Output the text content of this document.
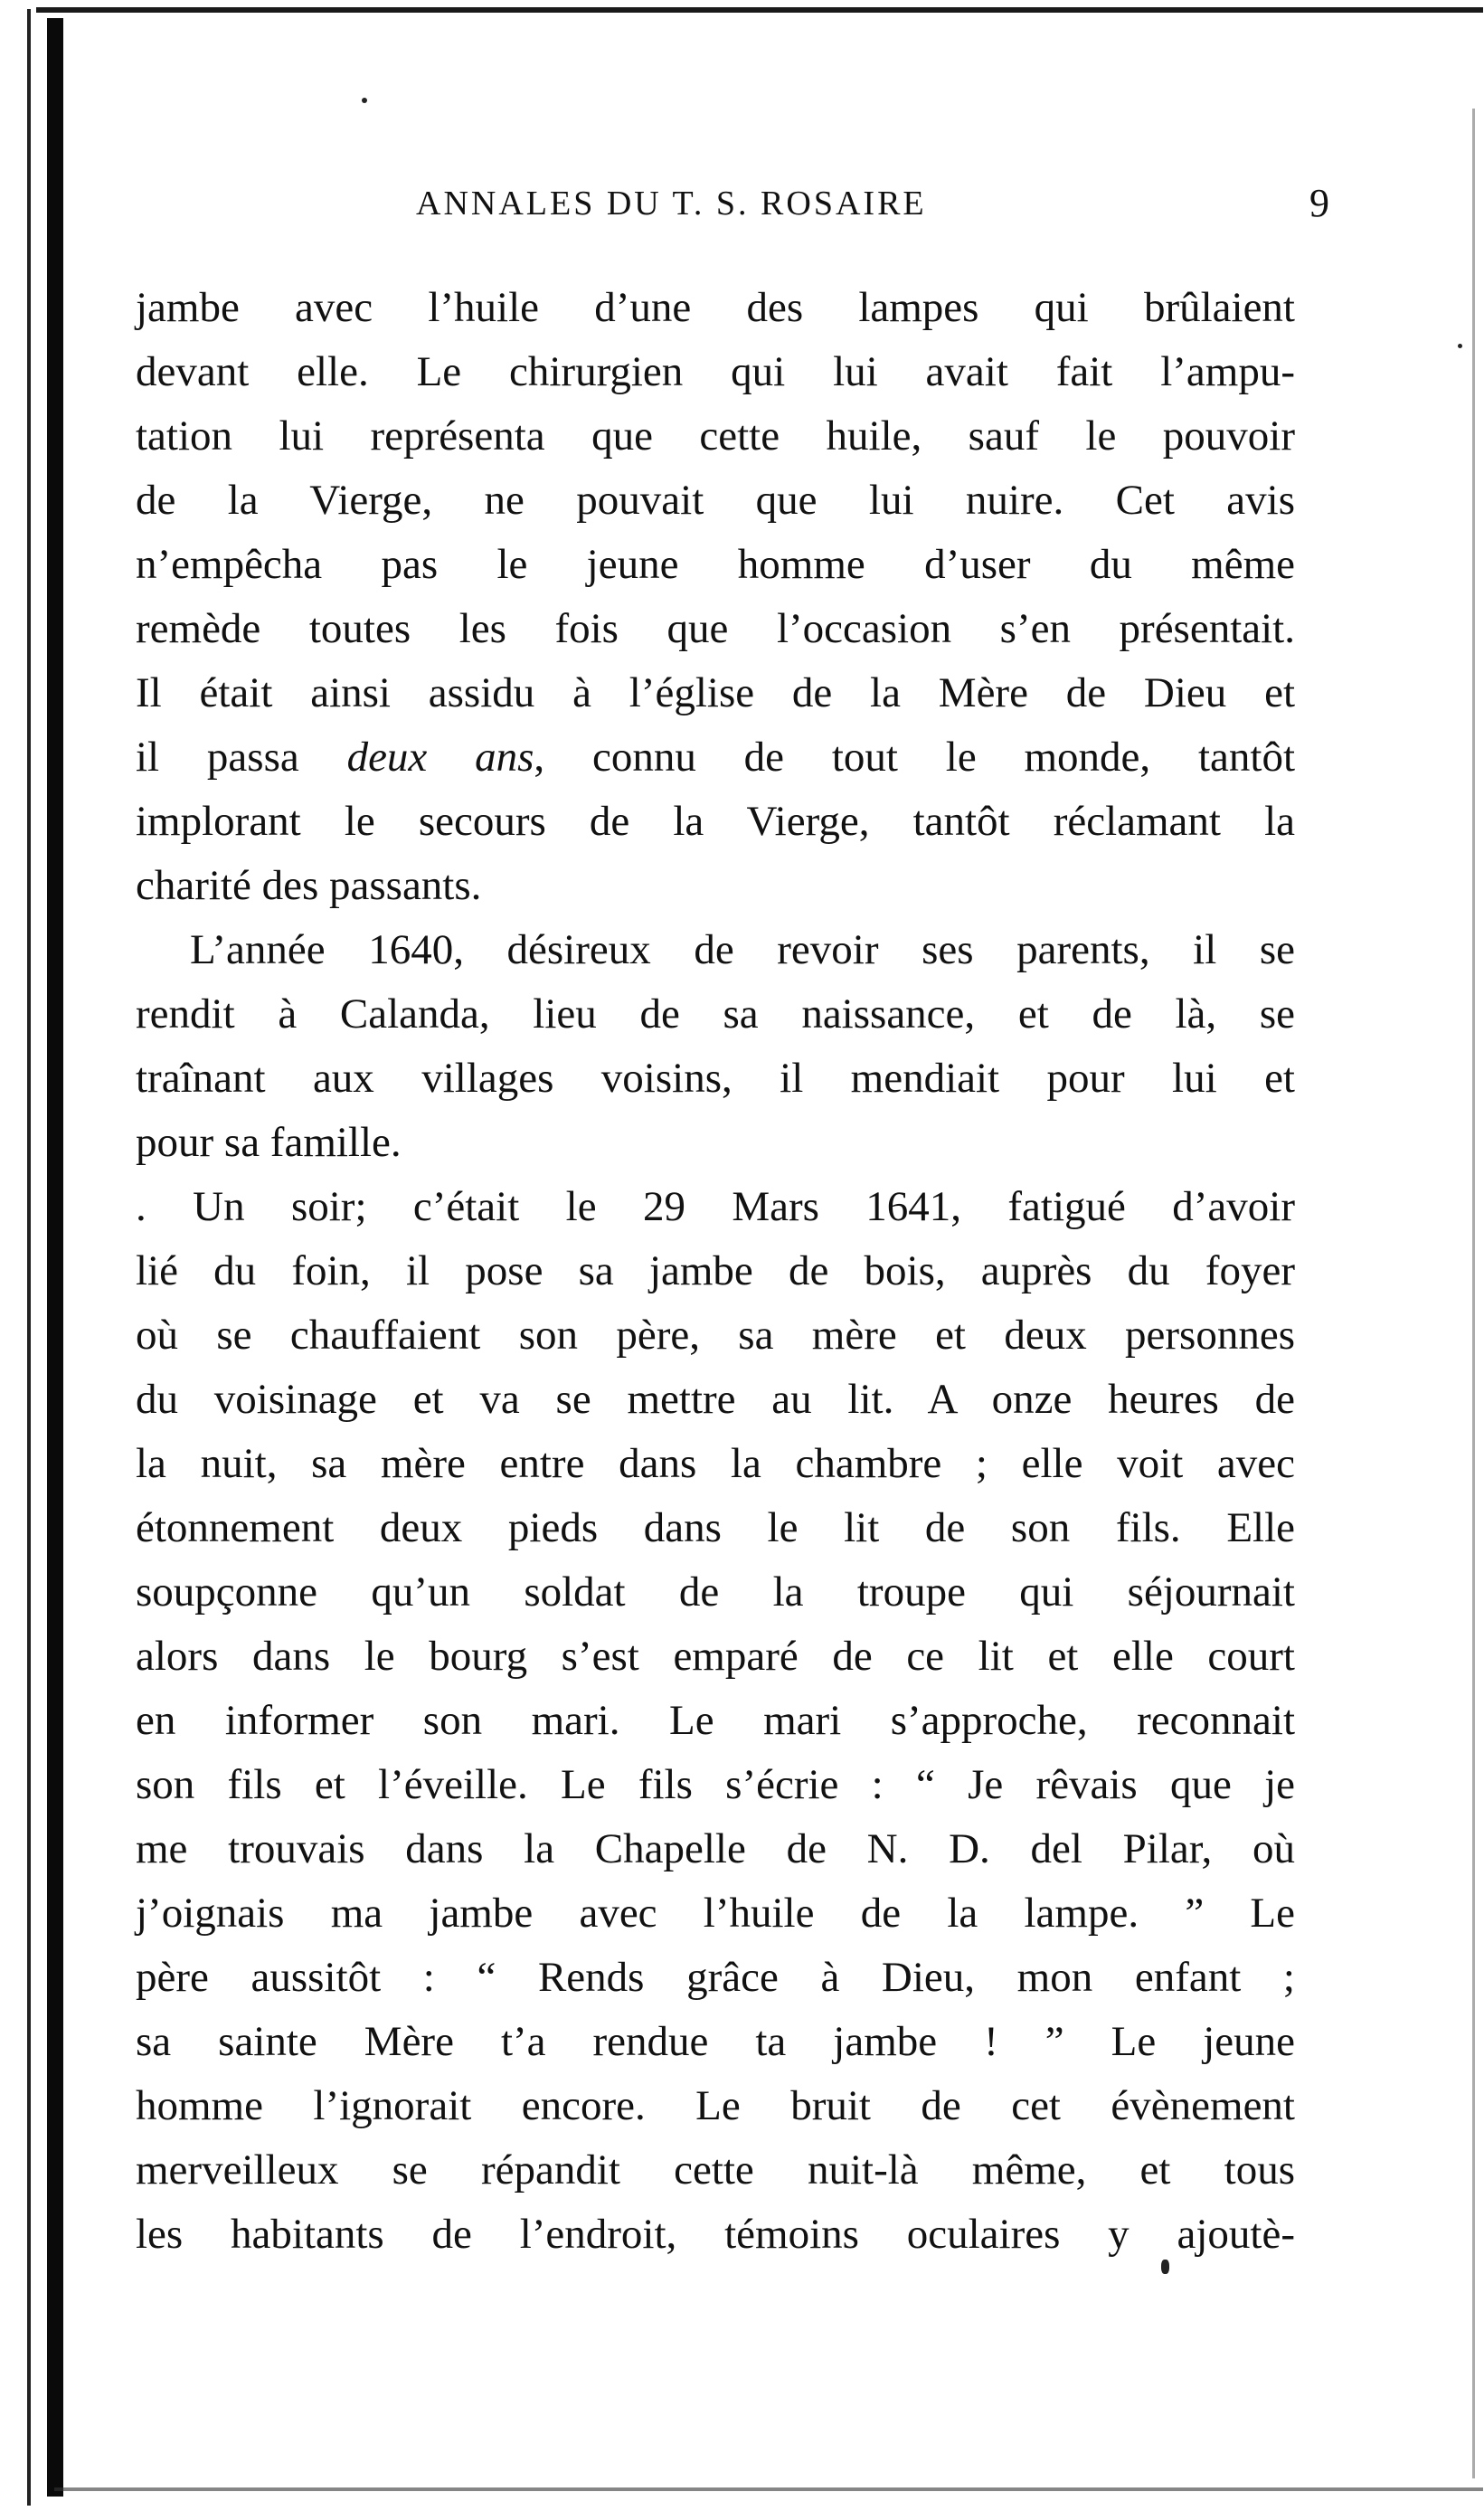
ANNALES DU T. S. ROSAIRE	9
jambe avec l’huile d’une des lampes qui brûlaient
devant elle. Le chirurgien qui lui avait fait l’ampu-
tation lui représenta que cette huile, sauf le pouvoir
de la Vierge, ne pouvait que lui nuire. Cet avis
n’empêcha pas le jeune homme d’user du même
remède toutes les fois que l’occasion s’en présentait.
Il était ainsi assidu à l’église de la Mère de Dieu et
il passa deux ans, connu de tout le monde, tantôt
implorant le secours de la Vierge, tantôt réclamant la
charité des passants.
L’année 1640, désireux de revoir ses parents, il se
rendit à Calanda, lieu de sa naissance, et de là, se
traînant aux villages voisins, il mendiait pour lui et
pour sa famille.
. Un soir; c’était le 29 Mars 1641, fatigué d’avoir
lié du foin, il pose sa jambe de bois, auprès du foyer
où se chauffaient son père, sa mère et deux personnes
du voisinage et va se mettre au lit. A onze heures de
la nuit, sa mère entre dans la chambre ; elle voit avec
étonnement deux pieds dans le lit de son fils. Elle
soupçonne qu’un soldat de la troupe qui séjournait
alors dans le bourg s’est emparé de ce lit et elle court
en informer son mari. Le mari s’approche, reconnait
son fils et l’éveille. Le fils s’écrie : “ Je rêvais que je
me trouvais dans la Chapelle de N. D. del Pilar, où
j’oignais ma jambe avec l’huile de la lampe. ” Le
père aussitôt : “ Rends grâce à Dieu, mon enfant ;
sa sainte Mère t’a rendue ta jambe ! ” Le jeune
homme l’ignorait encore. Le bruit de cet évènement
merveilleux se répandit cette nuit-là même, et tous
les habitants de l’endroit, témoins oculaires y ajoutè-
